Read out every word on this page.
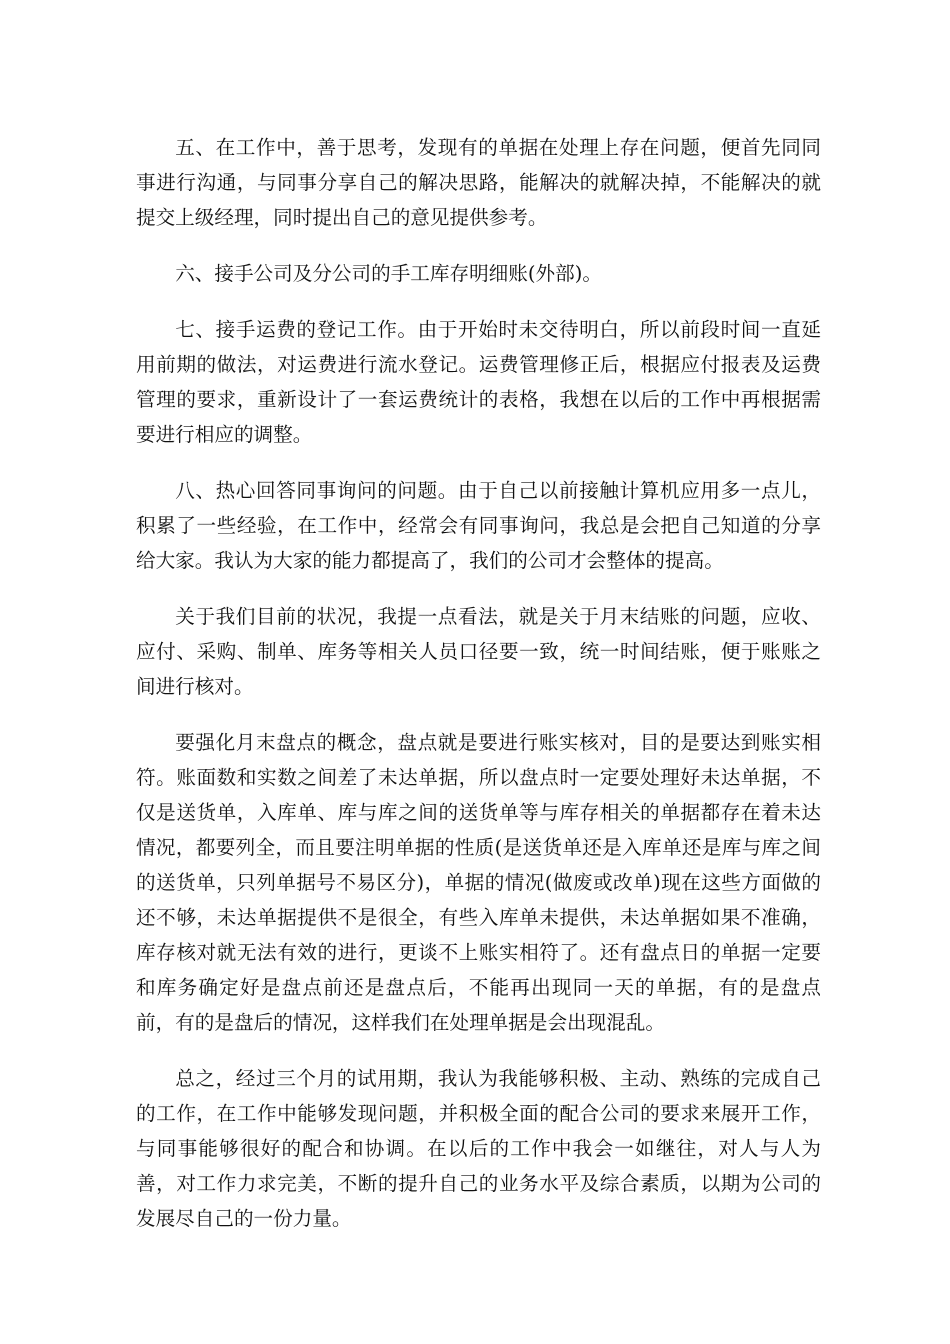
五、在工作中，善于思考，发现有的单据在处理上存在问题，便首先同同事进行沟通，与同事分享自己的解决思路，能解决的就解决掉，不能解决的就提交上级经理，同时提出自己的意见提供参考。

六、接手公司及分公司的手工库存明细账(外部)。

七、接手运费的登记工作。由于开始时未交待明白，所以前段时间一直延用前期的做法，对运费进行流水登记。运费管理修正后，根据应付报表及运费管理的要求，重新设计了一套运费统计的表格，我想在以后的工作中再根据需要进行相应的调整。

八、热心回答同事询问的问题。由于自己以前接触计算机应用多一点儿，积累了一些经验，在工作中，经常会有同事询问，我总是会把自己知道的分享给大家。我认为大家的能力都提高了，我们的公司才会整体的提高。

关于我们目前的状况，我提一点看法，就是关于月末结账的问题，应收、应付、采购、制单、库务等相关人员口径要一致，统一时间结账，便于账账之间进行核对。

要强化月末盘点的概念，盘点就是要进行账实核对，目的是要达到账实相符。账面数和实数之间差了未达单据，所以盘点时一定要处理好未达单据，不仅是送货单，入库单、库与库之间的送货单等与库存相关的单据都存在着未达情况，都要列全，而且要注明单据的性质(是送货单还是入库单还是库与库之间的送货单，只列单据号不易区分)，单据的情况(做废或改单)现在这些方面做的还不够，未达单据提供不是很全，有些入库单未提供，未达单据如果不准确，库存核对就无法有效的进行，更谈不上账实相符了。还有盘点日的单据一定要和库务确定好是盘点前还是盘点后，不能再出现同一天的单据，有的是盘点前，有的是盘后的情况，这样我们在处理单据是会出现混乱。

总之，经过三个月的试用期，我认为我能够积极、主动、熟练的完成自己的工作，在工作中能够发现问题，并积极全面的配合公司的要求来展开工作，与同事能够很好的配合和协调。在以后的工作中我会一如继往，对人与人为善，对工作力求完美，不断的提升自己的业务水平及综合素质，以期为公司的发展尽自己的一份力量。
